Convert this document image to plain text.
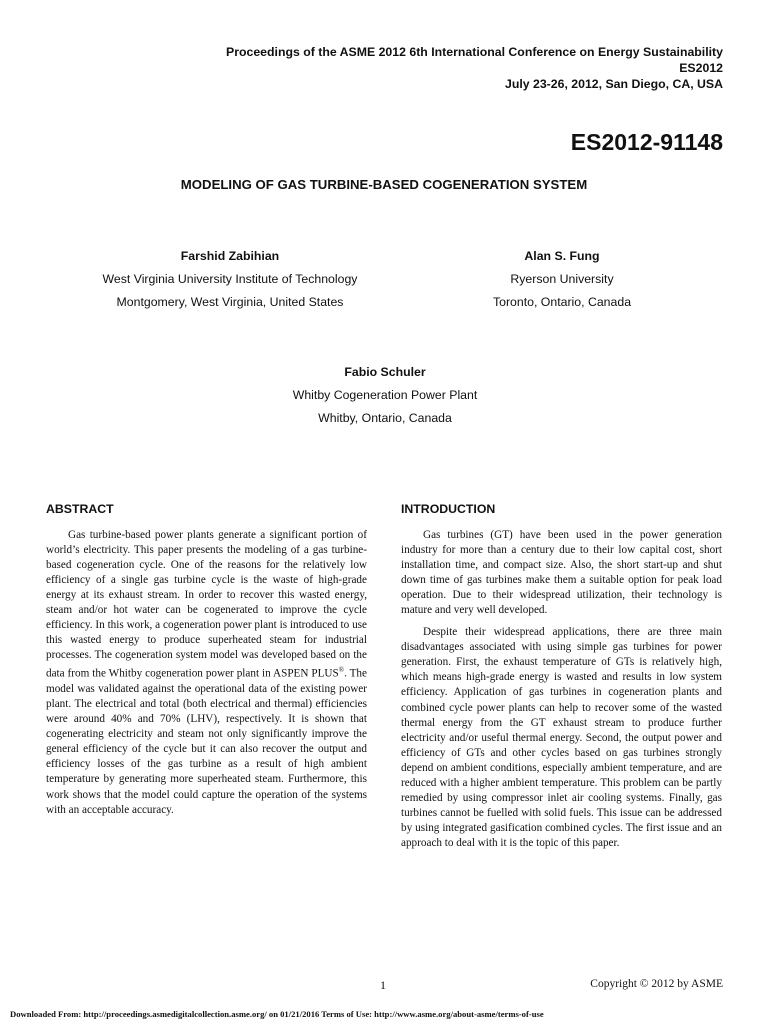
Proceedings of the ASME 2012 6th International Conference on Energy Sustainability
ES2012
July 23-26, 2012, San Diego, CA, USA
ES2012-91148
MODELING OF GAS TURBINE-BASED COGENERATION SYSTEM
Farshid Zabihian
West Virginia University Institute of Technology
Montgomery, West Virginia, United States
Alan S. Fung
Ryerson University
Toronto, Ontario, Canada
Fabio Schuler
Whitby Cogeneration Power Plant
Whitby, Ontario, Canada
ABSTRACT

Gas turbine-based power plants generate a significant portion of world’s electricity. This paper presents the modeling of a gas turbine-based cogeneration cycle. One of the reasons for the relatively low efficiency of a single gas turbine cycle is the waste of high-grade energy at its exhaust stream. In order to recover this wasted energy, steam and/or hot water can be cogenerated to improve the cycle efficiency. In this work, a cogeneration power plant is introduced to use this wasted energy to produce superheated steam for industrial processes. The cogeneration system model was developed based on the data from the Whitby cogeneration power plant in ASPEN PLUS®. The model was validated against the operational data of the existing power plant. The electrical and total (both electrical and thermal) efficiencies were around 40% and 70% (LHV), respectively. It is shown that cogenerating electricity and steam not only significantly improve the general efficiency of the cycle but it can also recover the output and efficiency losses of the gas turbine as a result of high ambient temperature by generating more superheated steam. Furthermore, this work shows that the model could capture the operation of the systems with an acceptable accuracy.

INTRODUCTION

Gas turbines (GT) have been used in the power generation industry for more than a century due to their low capital cost, short installation time, and compact size. Also, the short start-up and shut down time of gas turbines make them a suitable option for peak load operation. Due to their widespread utilization, their technology is mature and very well developed.

Despite their widespread applications, there are three main disadvantages associated with using simple gas turbines for power generation. First, the exhaust temperature of GTs is relatively high, which means high-grade energy is wasted and results in low system efficiency. Application of gas turbines in cogeneration plants and combined cycle power plants can help to recover some of the wasted thermal energy from the GT exhaust stream to produce further electricity and/or useful thermal energy. Second, the output power and efficiency of GTs and other cycles based on gas turbines strongly depend on ambient conditions, especially ambient temperature, and are reduced with a higher ambient temperature. This problem can be partly remedied by using compressor inlet air cooling systems. Finally, gas turbines cannot be fuelled with solid fuels. This issue can be addressed by using integrated gasification combined cycles. The first issue and an approach to deal with it is the topic of this paper.

1	Copyright © 2012 by ASME
Downloaded From: http://proceedings.asmedigitalcollection.asme.org/ on 01/21/2016 Terms of Use: http://www.asme.org/about-asme/terms-of-use
